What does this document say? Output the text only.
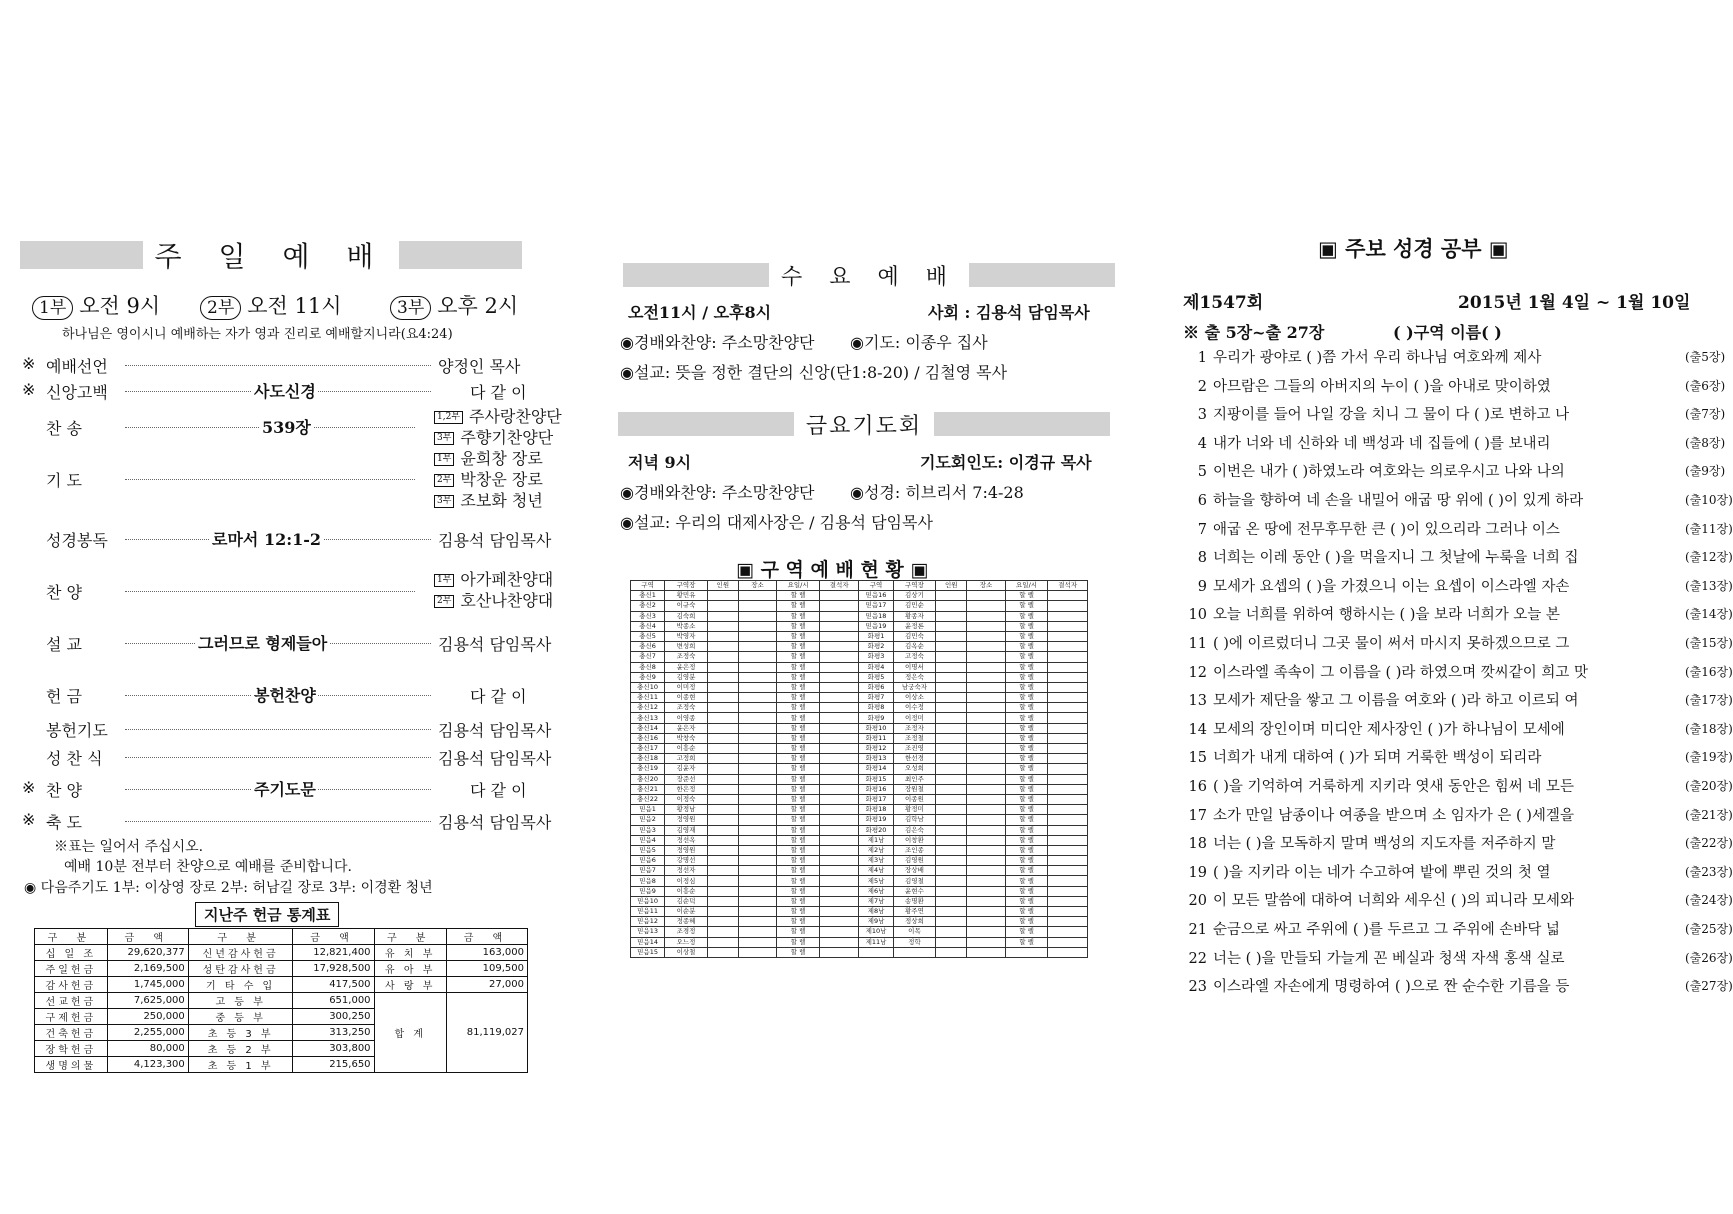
주 일 예 배
1부 오전 9시	2부 오전 11시	3부 오후 2시
하나님은 영이시니 예배하는 자가 영과 진리로 예배할지니라(요4:24)
※ 예배선언	양정인 목사
※ 신앙고백	사도신경	다 같 이
찬 송	539장
1,2부 주사랑찬양단
3부 주향기찬양단
기 도
1부 윤희창 장로
2부 박창운 장로
3부 조보화 청년
성경봉독	로마서 12:1-2	김용석 담임목사
찬 양
1부 아가페찬양대
2부 호산나찬양대
설 교	그러므로 형제들아	김용석 담임목사
헌 금	봉헌찬양	다 같 이
봉헌기도	김용석 담임목사
성 찬 식	김용석 담임목사
※ 찬 양	주기도문	다 같 이
※ 축 도	김용석 담임목사
※표는 일어서 주십시오.
예배 10분 전부터 찬양으로 예배를 준비합니다.
◉ 다음주기도 1부: 이상영 장로 2부: 허남길 장로 3부: 이경환 청년
지난주 헌금 통계표
구 분	금 액	구 분	금 액	구 분	금 액
십 일 조	29,620,377	신년감사헌금	12,821,400	유 치 부	163,000
주일헌금	2,169,500	성탄감사헌금	17,928,500	유 아 부	109,500
감사헌금	1,745,000	기 타 수 입	417,500	사 랑 부	27,000
선교헌금	7,625,000	고 등 부	651,000	합 계	81,119,027
구제헌금	250,000	중 등 부	300,250		
건축헌금	2,255,000	초 등 3 부	313,250		
장학헌금	80,000	초 등 2 부	303,800		
생명의물	4,123,300	초 등 1 부	215,650		
수 요 예 배
오전11시 / 오후8시	사회 : 김용석 담임목사
◉경배와찬양: 주소망찬양단 ◉기도: 이종우 집사
◉설교: 뜻을 정한 결단의 신앙(단1:8-20) / 김철영 목사
금요기도회
저녁 9시	기도회인도: 이경규 목사
◉경배와찬양: 주소망찬양단 ◉성경: 히브리서 7:4-28
◉설교: 우리의 대제사장은 / 김용석 담임목사
▣ 구 역 예 배 현 황 ▣
구역	구역장	인원	장소	요일/시	결석자	구역	구역장	인원	장소	요일/시	결석자
충신1	황민유			할 렐		믿음16	김상기			할 렐	
충신2	이규숙			할 렐		믿음17	김민순			할 렐	
충신3	김숙희			할 렐		믿음18	황종자			할 렐	
충신4	박종소			할 렐		믿음19	윤정론			할 렐	
충신5	박영자			할 렐		화평1	김민숙			할 렐	
충신6	변성희			할 렐		화평2	김옥순			할 렐	
충신7	조정숙			할 렐		화평3	고정숙			할 렐	
충신8	윤은정			할 렐		화평4	이명서			할 렐	
충신9	김영분			할 렐		화평5	정은숙			할 렐	
충신10	이미정			할 렐		화평6	남궁숙자			할 렐	
충신11	이종현			할 렐		화평7	이상소			할 렐	
충신12	조정숙			할 렐		화평8	이수정			할 렐	
충신13	이영종			할 렐		화평9	이정미			할 렐	
충신14	윤은자			할 렐		화평10	조정자			할 렐	
충신16	박창숙			할 렐		화평11	조정철			할 렐	
충신17	이흥순			할 렐		화평12	조진영			할 렐	
충신18	고정희			할 렐		화평13	한선경			할 렐	
충신19	김윤자			할 렐		화평14	오성희			할 렐	
충신20	장준선			할 렐		화평15	최인주			할 렐	
충신21	한은정			할 렐		화평16	장원철			할 렐	
충신22	이정숙			할 렐		화평17	이종원			할 렐	
믿음1	황정남			할 렐		화평18	황정미			할 렐	
믿음2	정영원			할 렐		화평19	김학남			할 렐	
믿음3	김영재			할 렐		화평20	김은숙			할 렐	
믿음4	정선옥			할 렐		제1남	이창환			할 렐	
믿음5	정영원			할 렐		제2남	조인종			할 렐	
믿음6	강명선			할 렐		제3남	김영원			할 렐	
믿음7	정선자			할 렐		제4남	장상배			할 렐	
믿음8	이정심			할 렐		제5남	김영철			할 렐	
믿음9	이흥순			할 렐		제6남	윤현수			할 렐	
믿음10	김순덕			할 렐		제7남	송명환			할 렐	
믿음11	이순분			할 렐		제8남	황주연			할 렐	
믿음12	정종혜			할 렐		제9남	정상희			할 렐	
믿음13	조경정			할 렐		제10남	이목			할 렐	
믿음14	오느정			할 렐		제11남	정학			할 렐	
믿음15	이상철			할 렐							
▣ 주보 성경 공부 ▣
제1547회	2015년 1월 4일 ~ 1월 10일
※ 출 5장~출 27장	( )구역 이름( )
1 우리가 광야로 ( )쯤 가서 우리 하나님 여호와께 제사	(출5장)
2 아므람은 그들의 아버지의 누이 ( )을 아내로 맞이하였	(출6장)
3 지팡이를 들어 나일 강을 치니 그 물이 다 ( )로 변하고 나	(출7장)
4 내가 너와 네 신하와 네 백성과 네 집들에 ( )를 보내리	(출8장)
5 이번은 내가 ( )하였노라 여호와는 의로우시고 나와 나의	(출9장)
6 하늘을 향하여 네 손을 내밀어 애굽 땅 위에 ( )이 있게 하라	(출10장)
7 애굽 온 땅에 전무후무한 큰 ( )이 있으리라 그러나 이스	(출11장)
8 너희는 이레 동안 ( )을 먹을지니 그 첫날에 누룩을 너희 집	(출12장)
9 모세가 요셉의 ( )을 가졌으니 이는 요셉이 이스라엘 자손	(출13장)
10 오늘 너희를 위하여 행하시는 ( )을 보라 너희가 오늘 본	(출14장)
11 ( )에 이르렀더니 그곳 물이 써서 마시지 못하겠으므로 그	(출15장)
12 이스라엘 족속이 그 이름을 ( )라 하였으며 깟씨같이 희고 맛	(출16장)
13 모세가 제단을 쌓고 그 이름을 여호와 ( )라 하고 이르되 여	(출17장)
14 모세의 장인이며 미디안 제사장인 ( )가 하나님이 모세에	(출18장)
15 너희가 내게 대하여 ( )가 되며 거룩한 백성이 되리라	(출19장)
16 ( )을 기억하여 거룩하게 지키라 엿새 동안은 힘써 네 모든	(출20장)
17 소가 만일 남종이나 여종을 받으며 소 임자가 은 ( )세겔을	(출21장)
18 너는 ( )을 모독하지 말며 백성의 지도자를 저주하지 말	(출22장)
19 ( )을 지키라 이는 네가 수고하여 밭에 뿌린 것의 첫 열	(출23장)
20 이 모든 말씀에 대하여 너희와 세우신 ( )의 피니라 모세와	(출24장)
21 순금으로 싸고 주위에 ( )를 두르고 그 주위에 손바닥 넓	(출25장)
22 너는 ( )을 만들되 가늘게 꼰 베실과 청색 자색 홍색 실로	(출26장)
23 이스라엘 자손에게 명령하여 ( )으로 짠 순수한 기름을 등	(출27장)
